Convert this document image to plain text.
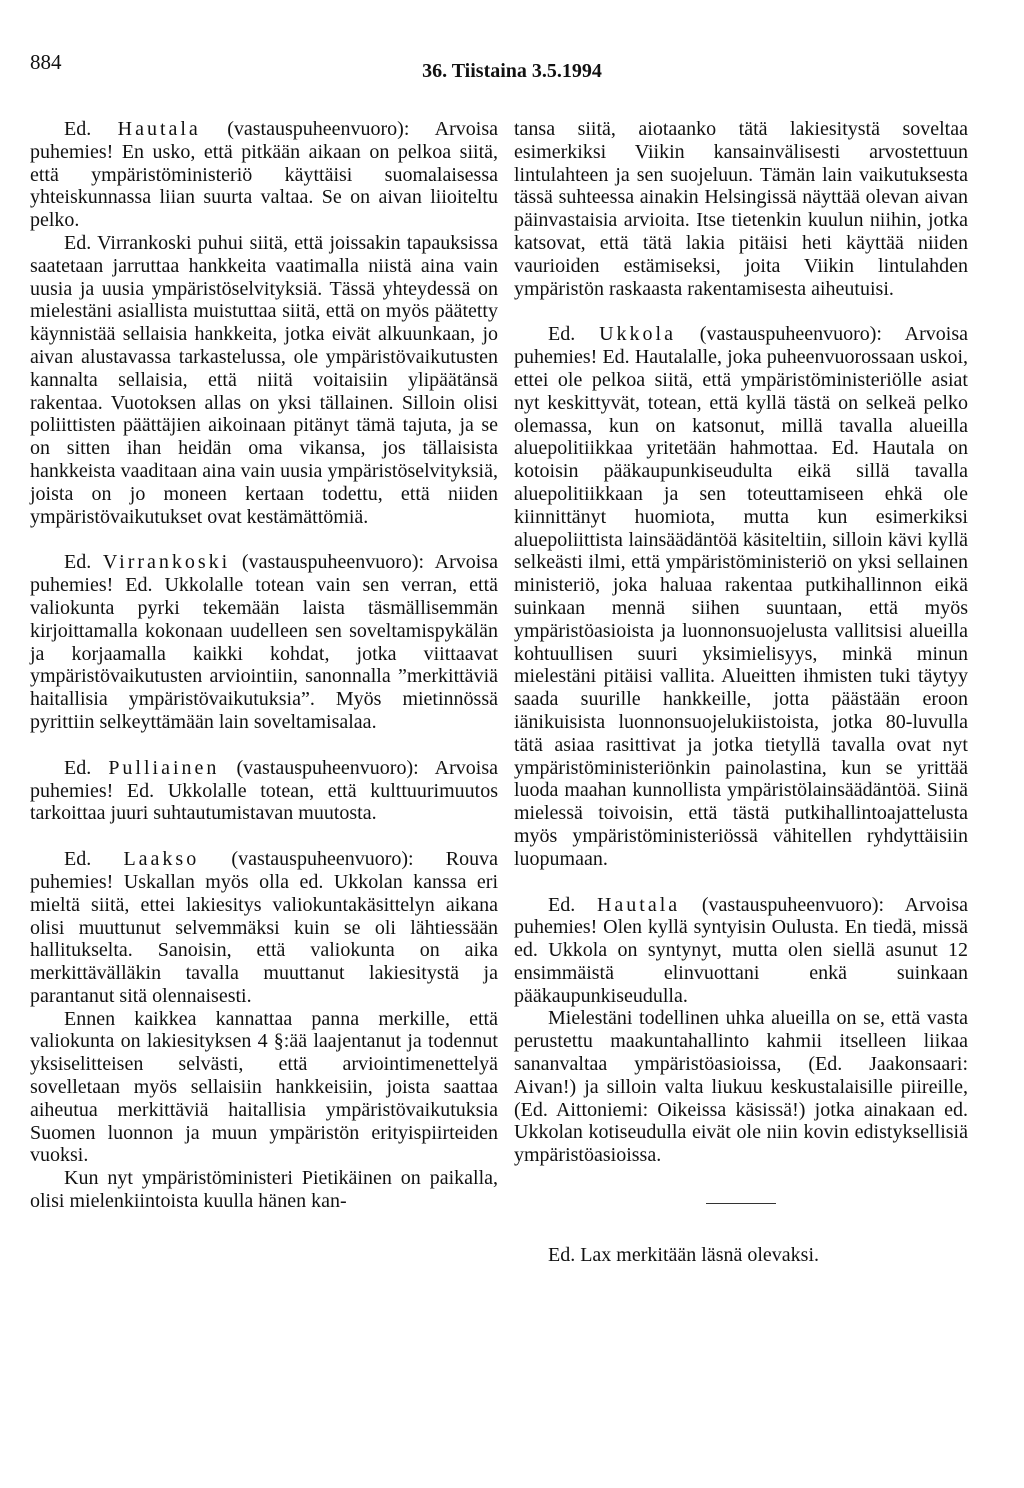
884	36. Tiistaina 3.5.1994

Ed. Hautala (vastauspuheenvuoro): Arvoisa puhemies! En usko, että pitkään aikaan on pelkoa siitä, että ympäristöministeriö käyttäisi suomalaisessa yhteiskunnassa liian suurta valtaa. Se on aivan liioiteltu pelko.

Ed. Virrankoski puhui siitä, että joissakin tapauksissa saatetaan jarruttaa hankkeita vaatimalla niistä aina vain uusia ja uusia ympäristöselvityksiä. Tässä yhteydessä on mielestäni asiallista muistuttaa siitä, että on myös päätetty käynnistää sellaisia hankkeita, jotka eivät alkuunkaan, jo aivan alustavassa tarkastelussa, ole ympäristövaikutusten kannalta sellaisia, että niitä voitaisiin ylipäätänsä rakentaa. Vuotoksen allas on yksi tällainen. Silloin olisi poliittisten päättäjien aikoinaan pitänyt tämä tajuta, ja se on sitten ihan heidän oma vikansa, jos tällaisista hankkeista vaaditaan aina vain uusia ympäristöselvityksiä, joista on jo moneen kertaan todettu, että niiden ympäristövaikutukset ovat kestämättömiä.

Ed. Virrankoski (vastauspuheenvuoro): Arvoisa puhemies! Ed. Ukkolalle totean vain sen verran, että valiokunta pyrki tekemään laista täsmällisemmän kirjoittamalla kokonaan uudelleen sen soveltamispykälän ja korjaamalla kaikki kohdat, jotka viittaavat ympäristövaikutusten arviointiin, sanonnalla ”merkittäviä haitallisia ympäristövaikutuksia”. Myös mietinnössä pyrittiin selkeyttämään lain soveltamisalaa.

Ed. Pulliainen (vastauspuheenvuoro): Arvoisa puhemies! Ed. Ukkolalle totean, että kulttuurimuutos tarkoittaa juuri suhtautumistavan muutosta.

Ed. Laakso (vastauspuheenvuoro): Rouva puhemies! Uskallan myös olla ed. Ukkolan kanssa eri mieltä siitä, ettei lakiesitys valiokuntakäsittelyn aikana olisi muuttunut selvemmäksi kuin se oli lähtiessään hallitukselta. Sanoisin, että valiokunta on aika merkittävälläkin tavalla muuttanut lakiesitystä ja parantanut sitä olennaisesti.

Ennen kaikkea kannattaa panna merkille, että valiokunta on lakiesityksen 4 §:ää laajentanut ja todennut yksiselitteisen selvästi, että arviointimenettelyä sovelletaan myös sellaisiin hankkeisiin, joista saattaa aiheutua merkittäviä haitallisia ympäristövaikutuksia Suomen luonnon ja muun ympäristön erityispiirteiden vuoksi.

Kun nyt ympäristöministeri Pietikäinen on paikalla, olisi mielenkiintoista kuulla hänen kan-

tansa siitä, aiotaanko tätä lakiesitystä soveltaa esimerkiksi Viikin kansainvälisesti arvostettuun lintulahteen ja sen suojeluun. Tämän lain vaikutuksesta tässä suhteessa ainakin Helsingissä näyttää olevan aivan päinvastaisia arvioita. Itse tietenkin kuulun niihin, jotka katsovat, että tätä lakia pitäisi heti käyttää niiden vaurioiden estämiseksi, joita Viikin lintulahden ympäristön raskaasta rakentamisesta aiheutuisi.

Ed. Ukkola (vastauspuheenvuoro): Arvoisa puhemies! Ed. Hautalalle, joka puheenvuorossaan uskoi, ettei ole pelkoa siitä, että ympäristöministeriölle asiat nyt keskittyvät, totean, että kyllä tästä on selkeä pelko olemassa, kun on katsonut, millä tavalla alueilla aluepolitiikkaa yritetään hahmottaa. Ed. Hautala on kotoisin pääkaupunkiseudulta eikä sillä tavalla aluepolitiikkaan ja sen toteuttamiseen ehkä ole kiinnittänyt huomiota, mutta kun esimerkiksi aluepoliittista lainsäädäntöä käsiteltiin, silloin kävi kyllä selkeästi ilmi, että ympäristöministeriö on yksi sellainen ministeriö, joka haluaa rakentaa putkihallinnon eikä suinkaan mennä siihen suuntaan, että myös ympäristöasioista ja luonnonsuojelusta vallitsisi alueilla kohtuullisen suuri yksimielisyys, minkä minun mielestäni pitäisi vallita. Alueitten ihmisten tuki täytyy saada suurille hankkeille, jotta päästään eroon iänikuisista luonnonsuojelukiistoista, jotka 80-luvulla tätä asiaa rasittivat ja jotka tietyllä tavalla ovat nyt ympäristöministeriönkin painolastina, kun se yrittää luoda maahan kunnollista ympäristölainsäädäntöä. Siinä mielessä toivoisin, että tästä putkihallintoajattelusta myös ympäristöministeriössä vähitellen ryhdyttäisiin luopumaan.

Ed. Hautala (vastauspuheenvuoro): Arvoisa puhemies! Olen kyllä syntyisin Oulusta. En tiedä, missä ed. Ukkola on syntynyt, mutta olen siellä asunut 12 ensimmäistä elinvuottani enkä suinkaan pääkaupunkiseudulla.

Mielestäni todellinen uhka alueilla on se, että vasta perustettu maakuntahallinto kahmii itselleen liikaa sananvaltaa ympäristöasioissa, (Ed. Jaakonsaari: Aivan!) ja silloin valta liukuu keskustalaisille piireille, (Ed. Aittoniemi: Oikeissa käsissä!) jotka ainakaan ed. Ukkolan kotiseudulla eivät ole niin kovin edistyksellisiä ympäristöasioissa.

Ed. Lax merkitään läsnä olevaksi.
